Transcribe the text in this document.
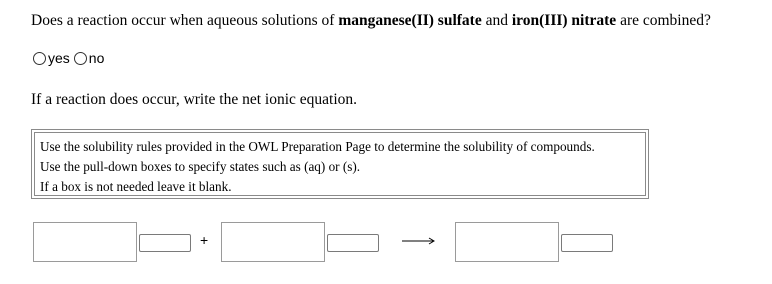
Does a reaction occur when aqueous solutions of manganese(II) sulfate and iron(III) nitrate are combined?
yes no
If a reaction does occur, write the net ionic equation.
Use the solubility rules provided in the OWL Preparation Page to determine the solubility of compounds.
Use the pull-down boxes to specify states such as (aq) or (s).
If a box is not needed leave it blank.
+
